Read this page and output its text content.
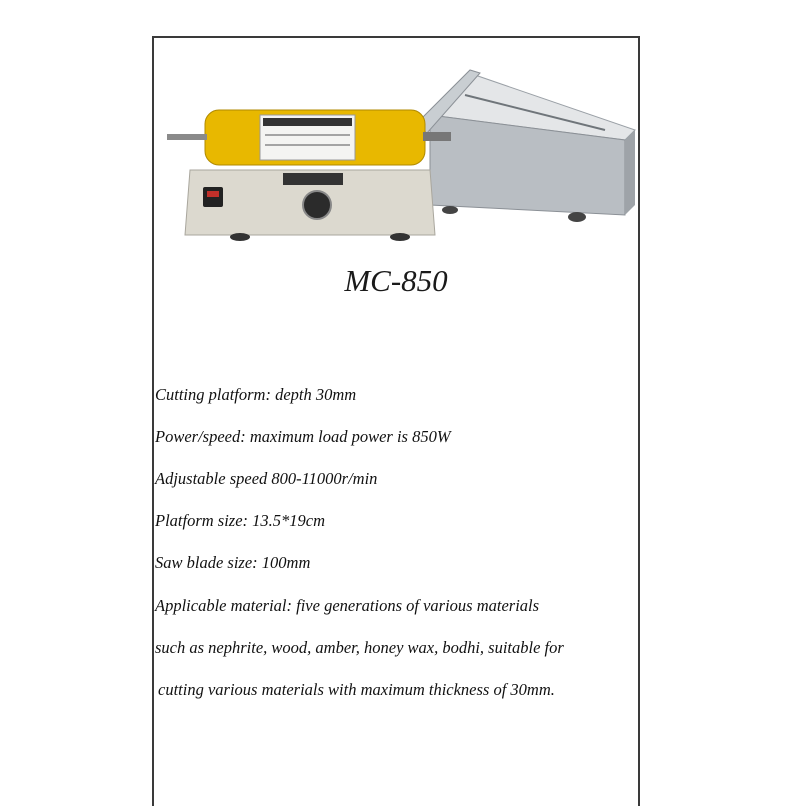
MC-850
Cutting platform: depth 30mm
Power/speed: maximum load power is 850W
Adjustable speed 800-11000r/min
Platform size: 13.5*19cm
Saw blade size: 100mm
Applicable material: five generations of various materials
such as nephrite, wood, amber, honey wax, bodhi, suitable for
cutting various materials with maximum thickness of 30mm.
